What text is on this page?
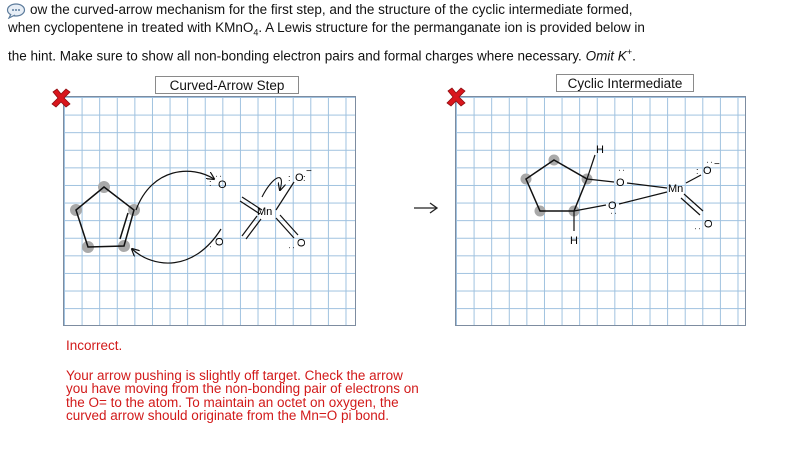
ow the curved-arrow mechanism for the first step, and the structure of the cyclic intermediate formed,
when cyclopentene in treated with KMnO$_4$. A Lewis structure for the permanganate ion is provided below in
the hint. Make sure to show all non-bonding electron pairs and formal charges where necessary. Omit K+.
Curved-Arrow Step	Cyclic Intermediate
Mn
O
:
:	O
: :
−
O
:	O
:
H
H
O
:
O
:
Mn
O
:
: −
O
:
Incorrect.
Your arrow pushing is slightly off target. Check the arrow you have moving from the non-bonding pair of electrons on the O= to the atom. To maintain an octet on oxygen, the curved arrow should originate from the Mn=O pi bond.
